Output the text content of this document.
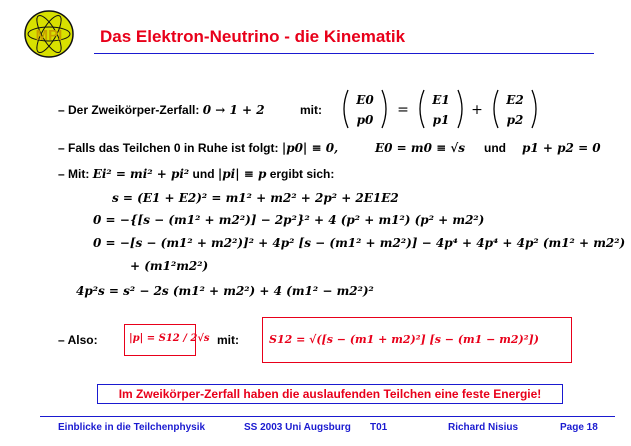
MPI Das Elektron-Neutrino - die Kinematik
– Der Zweikörper-Zerfall: 0 → 1 + 2	mit:
E0
p0
=
E1
p1
+
E2
p2
– Falls das Teilchen 0 in Ruhe ist folgt: |p0| ≡ 0,	E0 = m0 ≡ √s und p1 + p2 = 0
– Mit: Ei² = mi² + pi² und |pi| ≡ p ergibt sich:
s = (E1 + E2)² = m1² + m2² + 2p² + 2E1E2
0 = −{[s − (m1² + m2²)] − 2p²}² + 4 (p² + m1²) (p² + m2²)
0 = −[s − (m1² + m2²)]² + 4p² [s − (m1² + m2²)] − 4p⁴ + 4p⁴ + 4p² (m1² + m2²)
+ (m1²m2²)
4p²s = s² − 2s (m1² + m2²) + 4 (m1² − m2²)²
– Also:	|p| = S12 / 2√s mit:	S12 = √([s − (m1 + m2)²] [s − (m1 − m2)²])
Im Zweikörper-Zerfall haben die auslaufenden Teilchen eine feste Energie!
Einblicke in die Teilchenphysik	SS 2003 Uni Augsburg T01	Richard Nisius	Page 18
